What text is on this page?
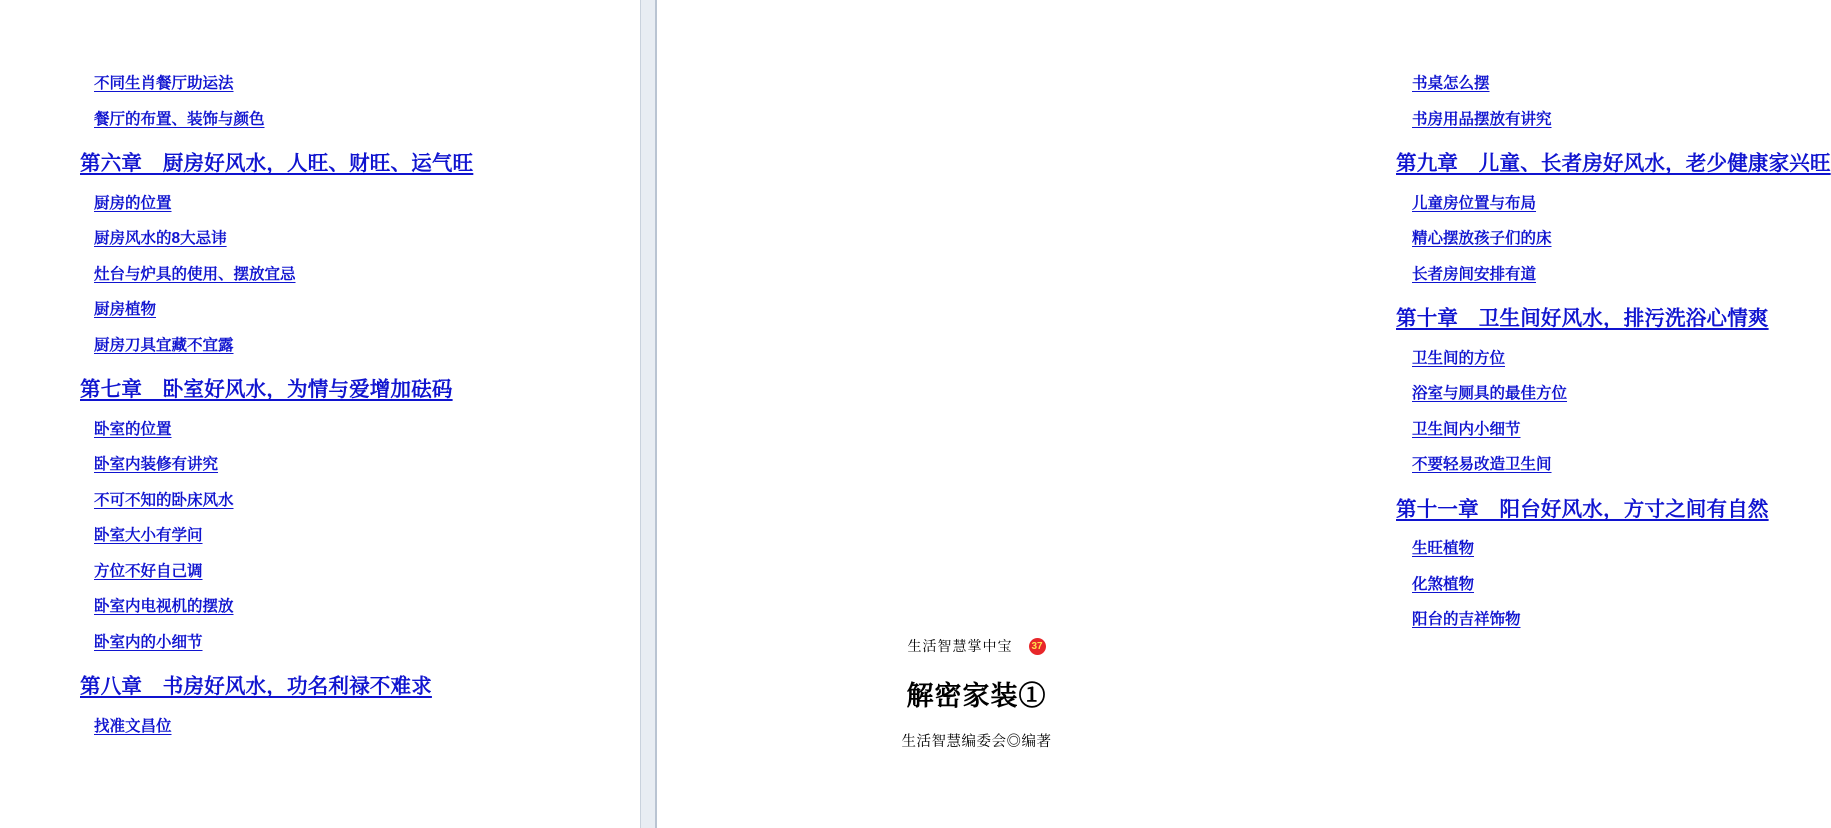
不同生肖餐厅助运法
餐厅的布置、装饰与颜色
第六章　厨房好风水，人旺、财旺、运气旺
厨房的位置
厨房风水的8大忌讳
灶台与炉具的使用、摆放宜忌
厨房植物
厨房刀具宜藏不宜露
第七章　卧室好风水，为情与爱增加砝码
卧室的位置
卧室内装修有讲究
不可不知的卧床风水
卧室大小有学问
方位不好自己调
卧室内电视机的摆放
卧室内的小细节
第八章　书房好风水，功名利禄不难求
找准文昌位
书桌怎么摆
书房用品摆放有讲究
第九章　儿童、长者房好风水，老少健康家兴旺
儿童房位置与布局
精心摆放孩子们的床
长者房间安排有道
第十章　卫生间好风水，排污洗浴心情爽
卫生间的方位
浴室与厕具的最佳方位
卫生间内小细节
不要轻易改造卫生间
第十一章　阳台好风水，方寸之间有自然
生旺植物
化煞植物
阳台的吉祥饰物
生活智慧掌中宝 37
解密家装①
生活智慧编委会◎编著
